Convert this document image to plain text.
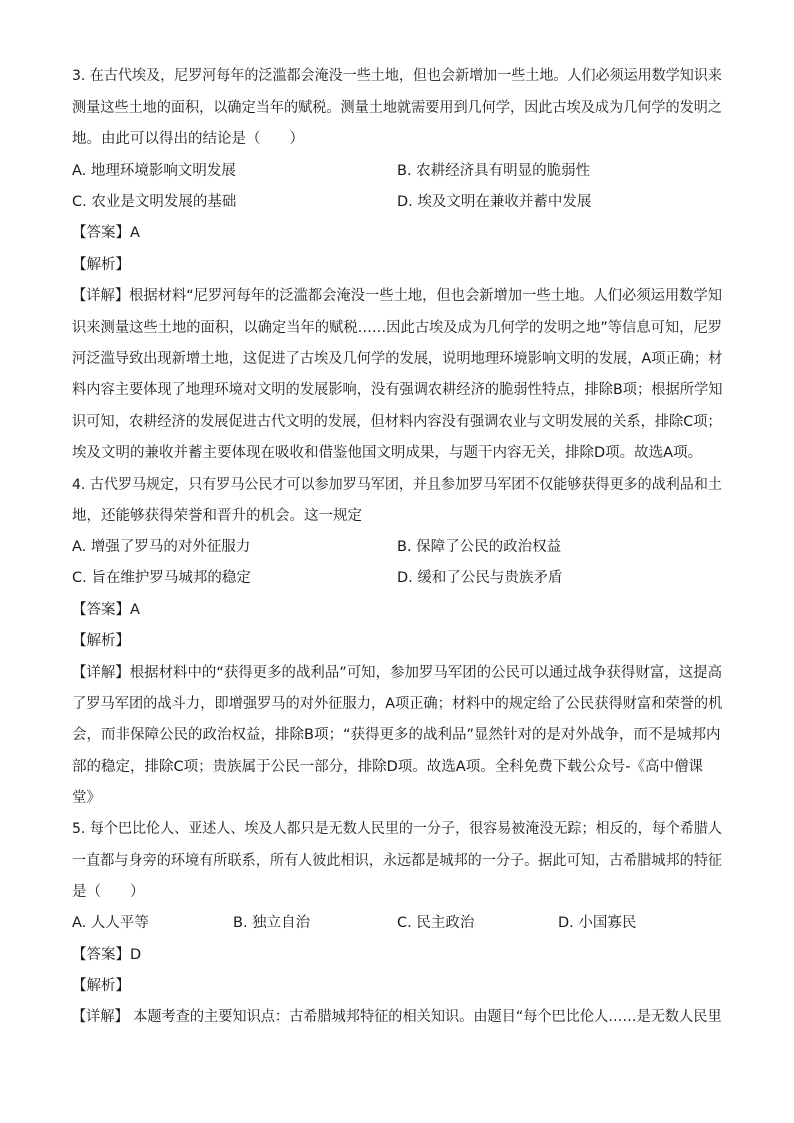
3. 在古代埃及，尼罗河每年的泛滥都会淹没一些土地，但也会新增加一些土地。人们必须运用数学知识来
测量这些土地的面积，以确定当年的赋税。测量土地就需要用到几何学，因此古埃及成为几何学的发明之
地。由此可以得出的结论是（　　）
A. 地理环境影响文明发展	B. 农耕经济具有明显的脆弱性
C. 农业是文明发展的基础	D. 埃及文明在兼收并蓄中发展
【答案】A
【解析】
【详解】根据材料“尼罗河每年的泛滥都会淹没一些土地，但也会新增加一些土地。人们必须运用数学知
识来测量这些土地的面积，以确定当年的赋税……因此古埃及成为几何学的发明之地”等信息可知，尼罗
河泛滥导致出现新增土地，这促进了古埃及几何学的发展，说明地理环境影响文明的发展，A项正确；材
料内容主要体现了地理环境对文明的发展影响，没有强调农耕经济的脆弱性特点，排除B项；根据所学知
识可知，农耕经济的发展促进古代文明的发展，但材料内容没有强调农业与文明发展的关系，排除C项；
埃及文明的兼收并蓄主要体现在吸收和借鉴他国文明成果，与题干内容无关，排除D项。故选A项。
4. 古代罗马规定，只有罗马公民才可以参加罗马军团，并且参加罗马军团不仅能够获得更多的战利品和土
地，还能够获得荣誉和晋升的机会。这一规定
A. 增强了罗马的对外征服力	B. 保障了公民的政治权益
C. 旨在维护罗马城邦的稳定	D. 缓和了公民与贵族矛盾
【答案】A
【解析】
【详解】根据材料中的“获得更多的战利品”可知，参加罗马军团的公民可以通过战争获得财富，这提高
了罗马军团的战斗力，即增强罗马的对外征服力，A项正确；材料中的规定给了公民获得财富和荣誉的机
会，而非保障公民的政治权益，排除B项；“获得更多的战利品”显然针对的是对外战争，而不是城邦内
部的稳定，排除C项；贵族属于公民一部分，排除D项。故选A项。全科免费下载公众号-《高中僧课
堂》
5. 每个巴比伦人、亚述人、埃及人都只是无数人民里的一分子，很容易被淹没无踪；相反的，每个希腊人
一直都与身旁的环境有所联系，所有人彼此相识，永远都是城邦的一分子。据此可知，古希腊城邦的特征
是（　　）
A. 人人平等	B. 独立自治	C. 民主政治	D. 小国寡民
【答案】D
【解析】
【详解】 本题考查的主要知识点：古希腊城邦特征的相关知识。由题目“每个巴比伦人……是无数人民里
